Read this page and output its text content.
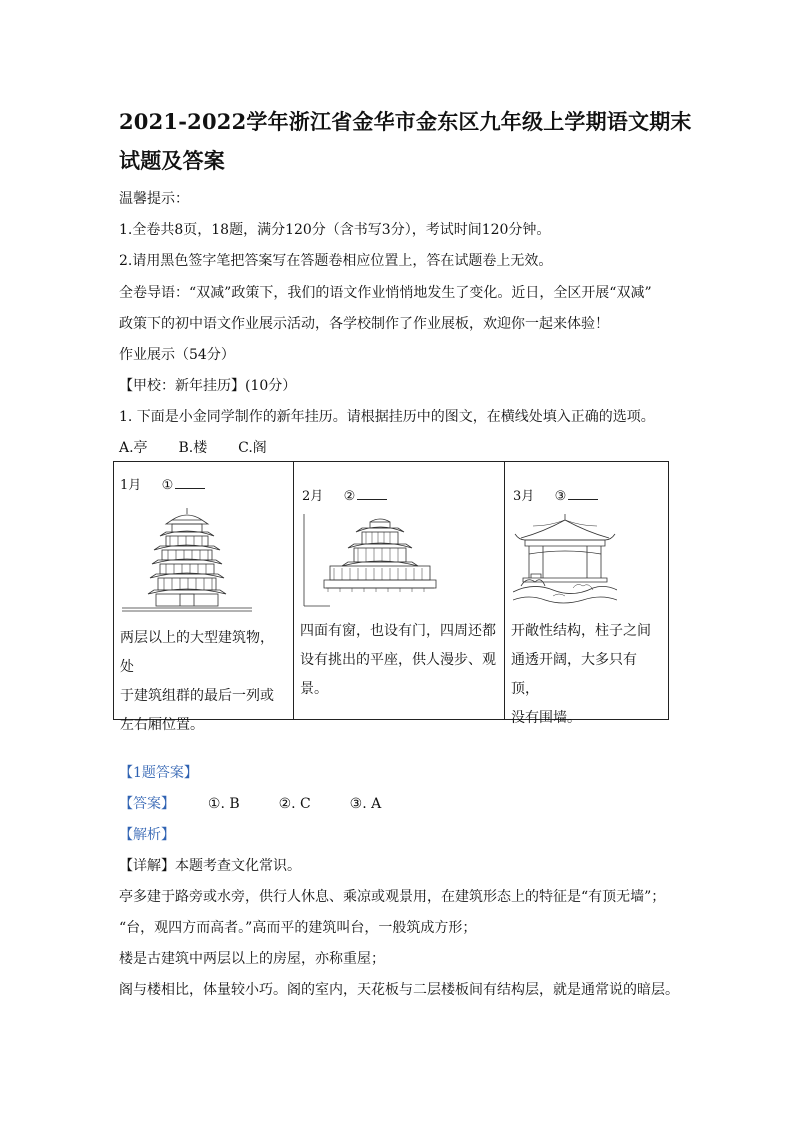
2021-2022学年浙江省金华市金东区九年级上学期语文期末
试题及答案
温馨提示：
1.全卷共8页，18题，满分120分（含书写3分），考试时间120分钟。
2.请用黑色签字笔把答案写在答题卷相应位置上，答在试题卷上无效。
全卷导语：“双减”政策下，我们的语文作业悄悄地发生了变化。近日，全区开展“双减”
政策下的初中语文作业展示活动，各学校制作了作业展板，欢迎你一起来体验！
作业展示（54分）
【甲校：新年挂历】(10分）
1. 下面是小金同学制作的新年挂历。请根据挂历中的图文，在横线处填入正确的选项。
A.亭 B.楼 C.阁
1月 ①
两层以上的大型建筑物，处
于建筑组群的最后一列或
左右厢位置。

2月 ②
四面有窗，也设有门，四周还都
设有挑出的平座，供人漫步、观
景。

3月 ③
开敞性结构，柱子之间
通透开阔，大多只有顶，
没有围墙。
【1题答案】
【答案】 ①. B	②. C	③. A
【解析】
【详解】本题考查文化常识。
亭多建于路旁或水旁，供行人休息、乘凉或观景用，在建筑形态上的特征是“有顶无墙”；
“台，观四方而高者。”高而平的建筑叫台，一般筑成方形；
楼是古建筑中两层以上的房屋，亦称重屋；
阁与楼相比，体量较小巧。阁的室内，天花板与二层楼板间有结构层，就是通常说的暗层。
